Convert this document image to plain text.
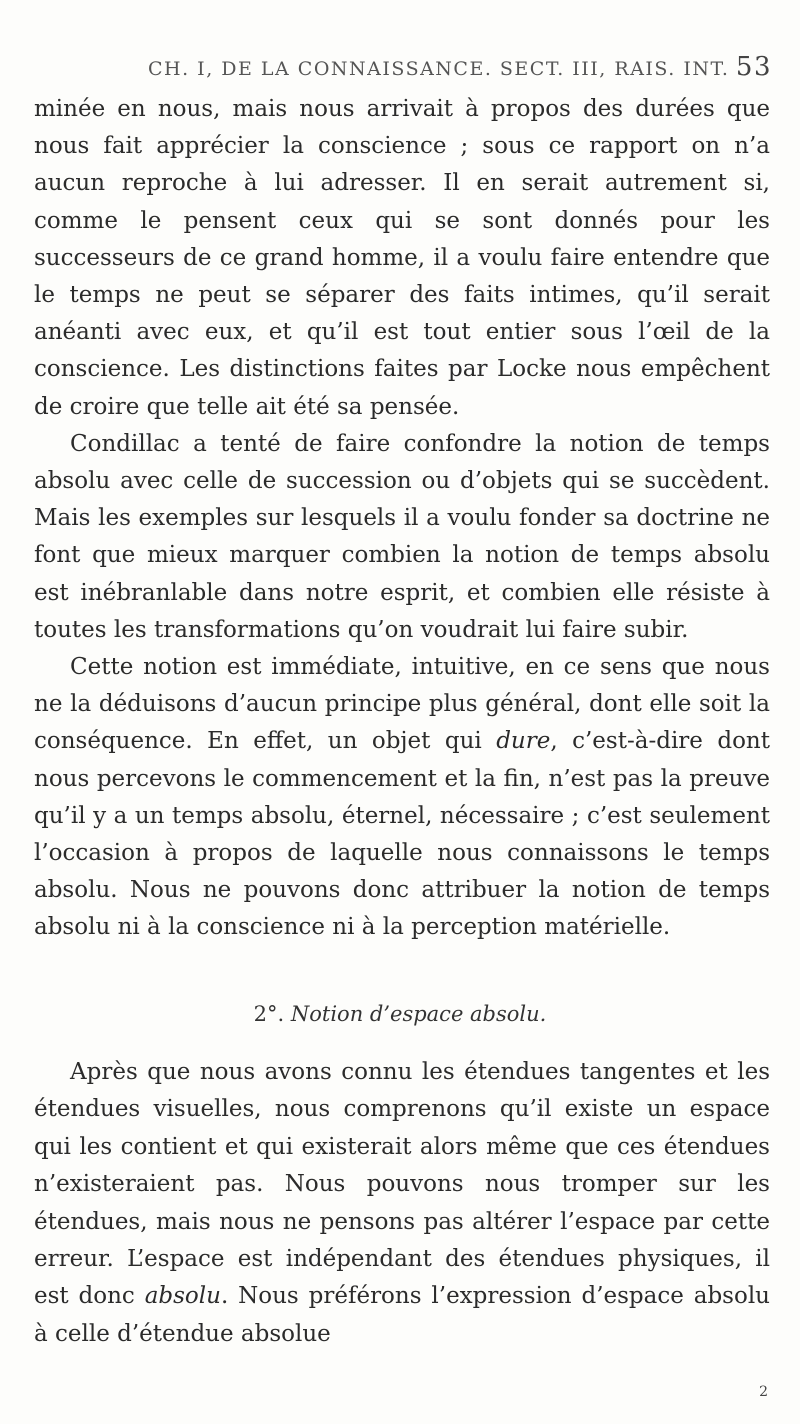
CH. I, DE LA CONNAISSANCE. SECT. III, RAIS. INT. 53

minée en nous, mais nous arrivait à propos des durées que nous fait apprécier la conscience ; sous ce rapport on n’a aucun reproche à lui adresser. Il en serait autrement si, comme le pensent ceux qui se sont donnés pour les successeurs de ce grand homme, il a voulu faire entendre que le temps ne peut se séparer des faits intimes, qu’il serait anéanti avec eux, et qu’il est tout entier sous l’œil de la conscience. Les distinctions faites par Locke nous empêchent de croire que telle ait été sa pensée.

Condillac a tenté de faire confondre la notion de temps absolu avec celle de succession ou d’objets qui se succèdent. Mais les exemples sur lesquels il a voulu fonder sa doctrine ne font que mieux marquer combien la notion de temps absolu est inébranlable dans notre esprit, et combien elle résiste à toutes les transformations qu’on voudrait lui faire subir.

Cette notion est immédiate, intuitive, en ce sens que nous ne la déduisons d’aucun principe plus général, dont elle soit la conséquence. En effet, un objet qui dure, c’est-à-dire dont nous percevons le commencement et la fin, n’est pas la preuve qu’il y a un temps absolu, éternel, nécessaire ; c’est seulement l’occasion à propos de laquelle nous connaissons le temps absolu. Nous ne pouvons donc attribuer la notion de temps absolu ni à la conscience ni à la perception matérielle.

2°. Notion d’espace absolu.

Après que nous avons connu les étendues tangentes et les étendues visuelles, nous comprenons qu’il existe un espace qui les contient et qui existerait alors même que ces étendues n’existeraient pas. Nous pouvons nous tromper sur les étendues, mais nous ne pensons pas altérer l’espace par cette erreur. L’espace est indépendant des étendues physiques, il est donc absolu. Nous préférons l’expression d’espace absolu à celle d’étendue absolue

2
